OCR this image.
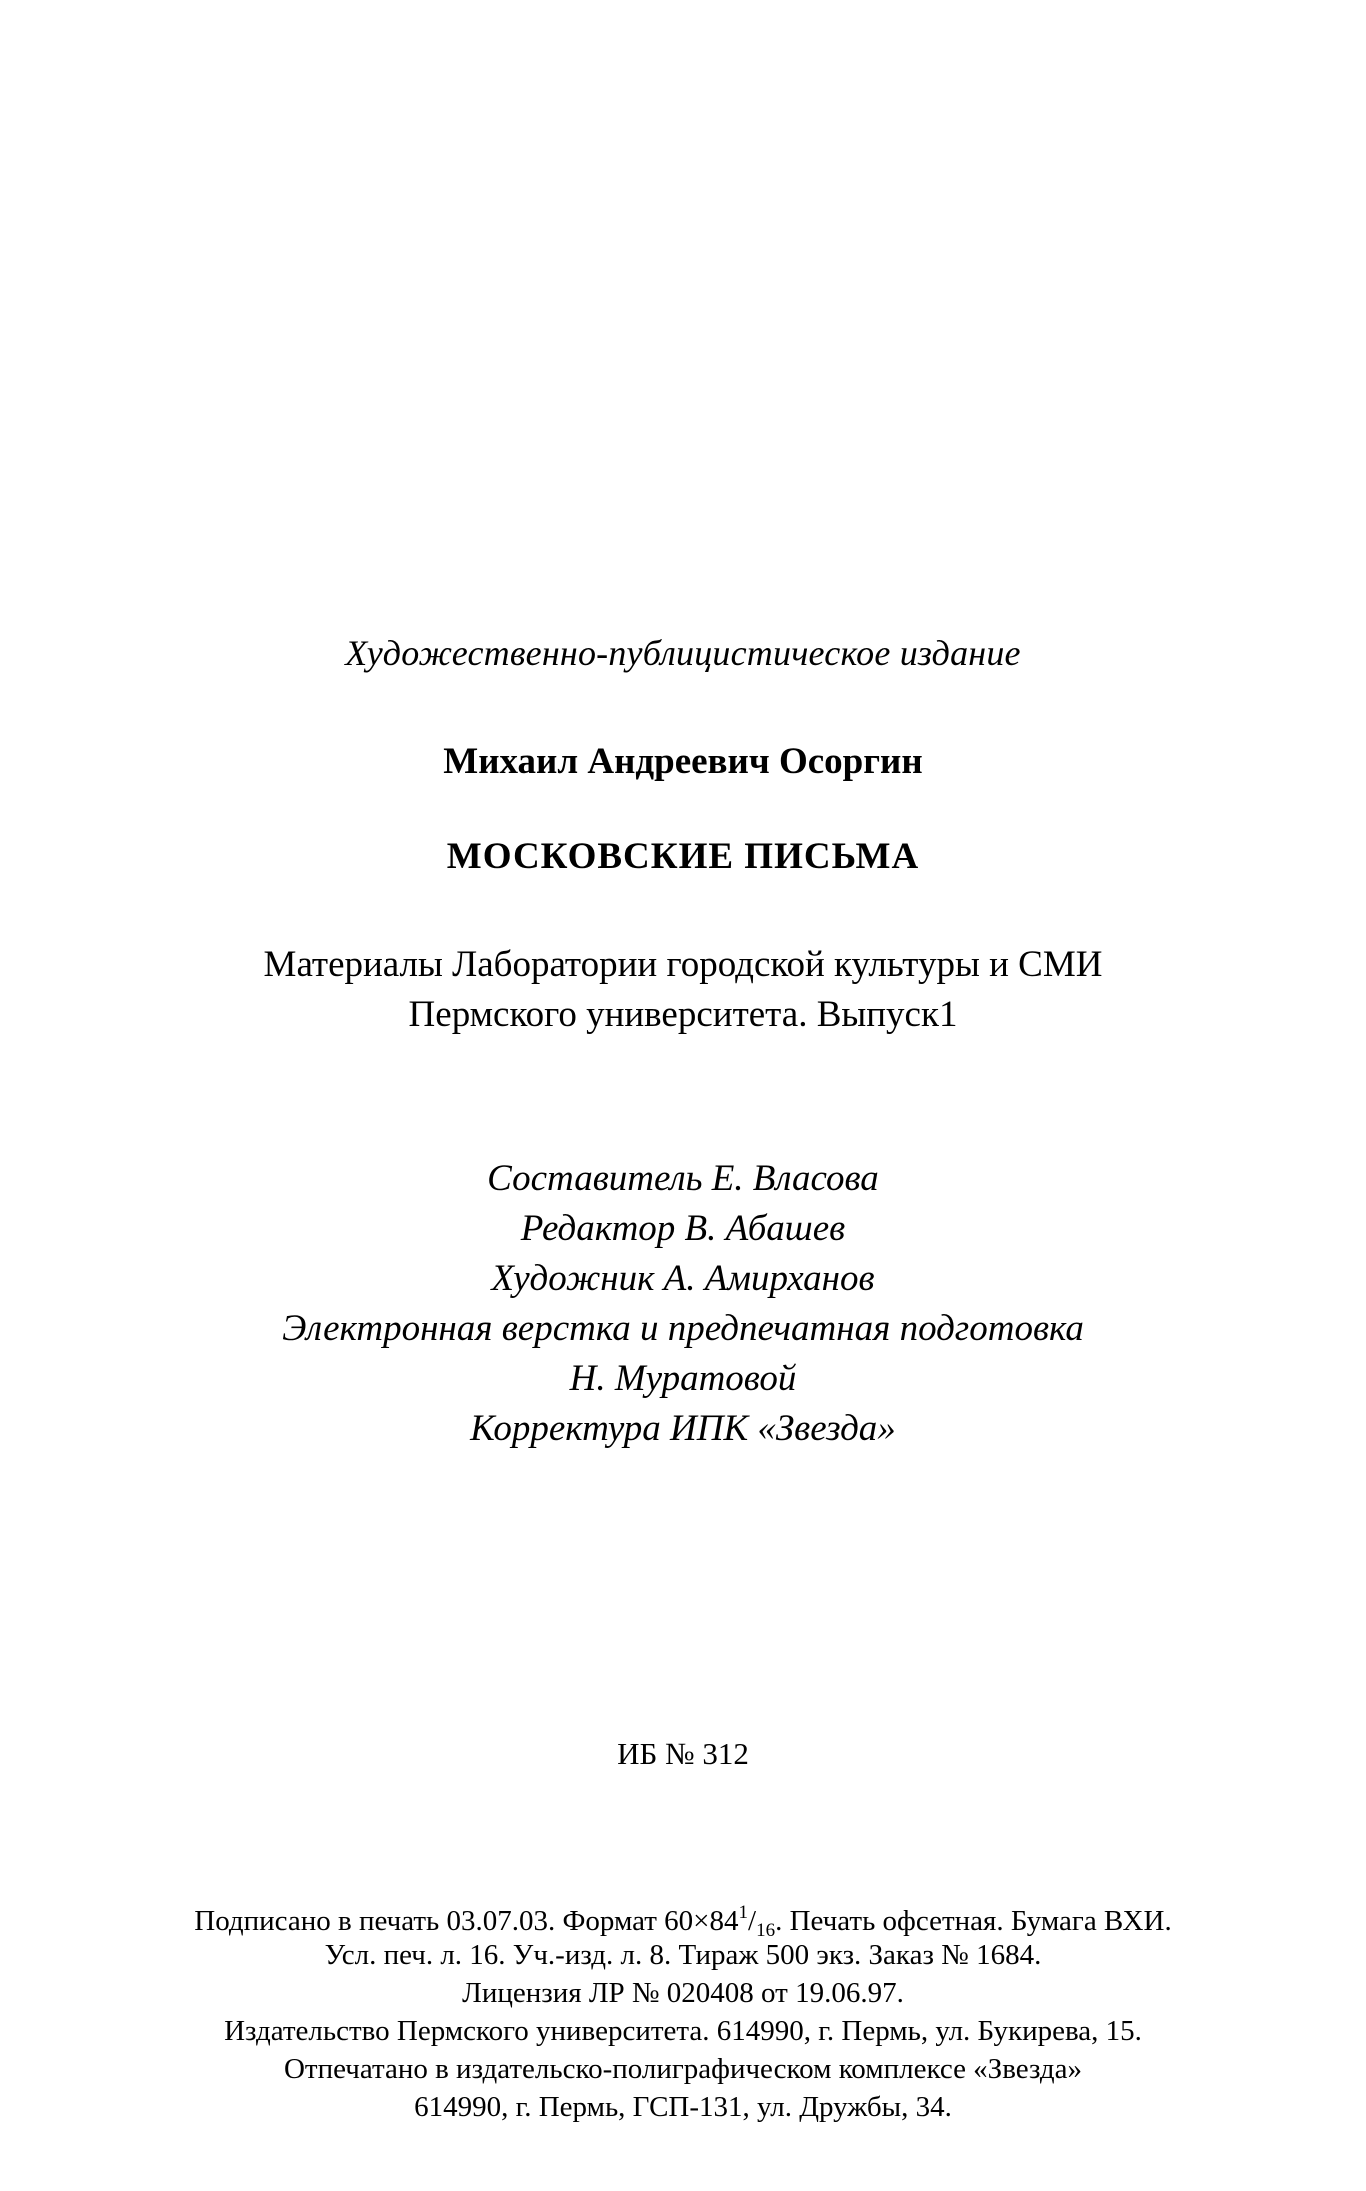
Художественно-публицистическое издание
Михаил Андреевич Осоргин
МОСКОВСКИЕ ПИСЬМА
Материалы Лаборатории городской культуры и СМИ
Пермского университета. Выпуск1
Составитель Е. Власова
Редактор В. Абашев
Художник А. Амирханов
Электронная верстка и предпечатная подготовка
Н. Муратовой
Корректура ИПК «Звезда»
ИБ № 312
Подписано в печать 03.07.03. Формат $60\times 84^1/_{16}$. Печать офсетная. Бумага ВХИ.
Усл. печ. л. 16. Уч.-изд. л. 8. Тираж 500 экз. Заказ № 1684.
Лицензия ЛР № 020408 от 19.06.97.
Издательство Пермского университета. 614990, г. Пермь, ул. Букирева, 15.
Отпечатано в издательско-полиграфическом комплексе «Звезда»
614990, г. Пермь, ГСП-131, ул. Дружбы, 34.
